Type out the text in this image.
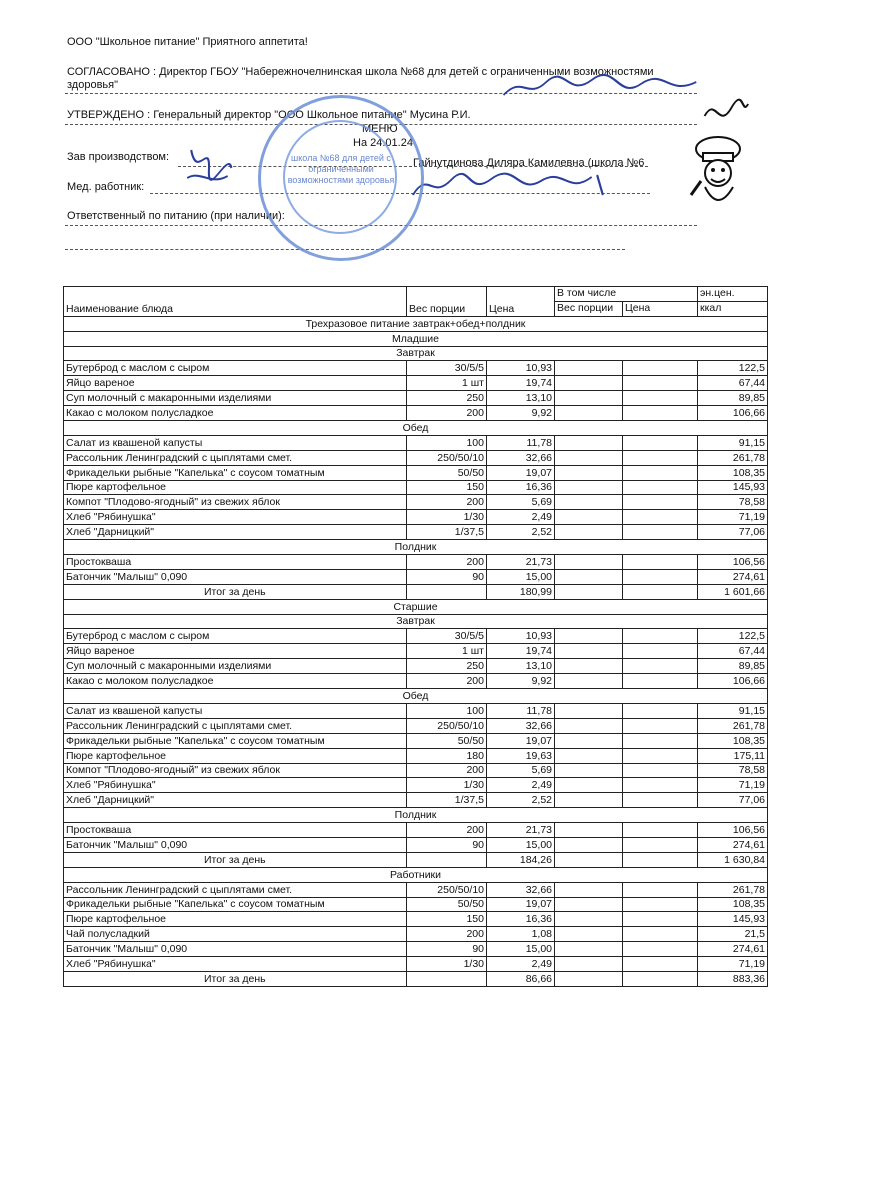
ООО "Школьное питание" Приятного аппетита!
СОГЛАСОВАНО : Директор ГБОУ "Набережночелнинская школа №68 для детей с ограниченными возможностями
здоровья"
УТВЕРЖДЕНО : Генеральный директор "ООО Школьное питание" Мусина Р.И.
МЕНЮ
На 24.01.24
Зав производством:	Гайнутдинова Диляра Камилевна (школа №6
Мед. работник:
Ответственный по питанию (при наличии):
школа №68 для детей с ограниченными возможностями здоровья
Наименование блюда	Вес порции	Цена	В том числе		эн.цен.
			Вес порции	Цена	ккал
Трехразовое питание завтрак+обед+полдник					
Младшие					
Завтрак					
Бутерброд с маслом с сыром	30/5/5	10,93			122,5
Яйцо вареное	1 шт	19,74			67,44
Суп молочный с макаронными изделиями	250	13,10			89,85
Какао с молоком полусладкое	200	9,92			106,66
Обед					
Салат из квашеной капусты	100	11,78			91,15
Рассольник Ленинградский с цыплятами смет.	250/50/10	32,66			261,78
Фрикадельки рыбные "Капелька" с соусом томатным	50/50	19,07			108,35
Пюре картофельное	150	16,36			145,93
Компот "Плодово-ягодный" из свежих яблок	200	5,69			78,58
Хлеб "Рябинушка"	1/30	2,49			71,19
Хлеб "Дарницкий"	1/37,5	2,52			77,06
Полдник					
Простокваша	200	21,73			106,56
Батончик "Малыш" 0,090	90	15,00			274,61
Итог за день		180,99			1 601,66
Старшие					
Завтрак					
Бутерброд с маслом с сыром	30/5/5	10,93			122,5
Яйцо вареное	1 шт	19,74			67,44
Суп молочный с макаронными изделиями	250	13,10			89,85
Какао с молоком полусладкое	200	9,92			106,66
Обед					
Салат из квашеной капусты	100	11,78			91,15
Рассольник Ленинградский с цыплятами смет.	250/50/10	32,66			261,78
Фрикадельки рыбные "Капелька" с соусом томатным	50/50	19,07			108,35
Пюре картофельное	180	19,63			175,11
Компот "Плодово-ягодный" из свежих яблок	200	5,69			78,58
Хлеб "Рябинушка"	1/30	2,49			71,19
Хлеб "Дарницкий"	1/37,5	2,52			77,06
Полдник					
Простокваша	200	21,73			106,56
Батончик "Малыш" 0,090	90	15,00			274,61
Итог за день		184,26			1 630,84
Работники					
Рассольник Ленинградский с цыплятами смет.	250/50/10	32,66			261,78
Фрикадельки рыбные "Капелька" с соусом томатным	50/50	19,07			108,35
Пюре картофельное	150	16,36			145,93
Чай полусладкий	200	1,08			21,5
Батончик "Малыш" 0,090	90	15,00			274,61
Хлеб "Рябинушка"	1/30	2,49			71,19
Итог за день		86,66			883,36
